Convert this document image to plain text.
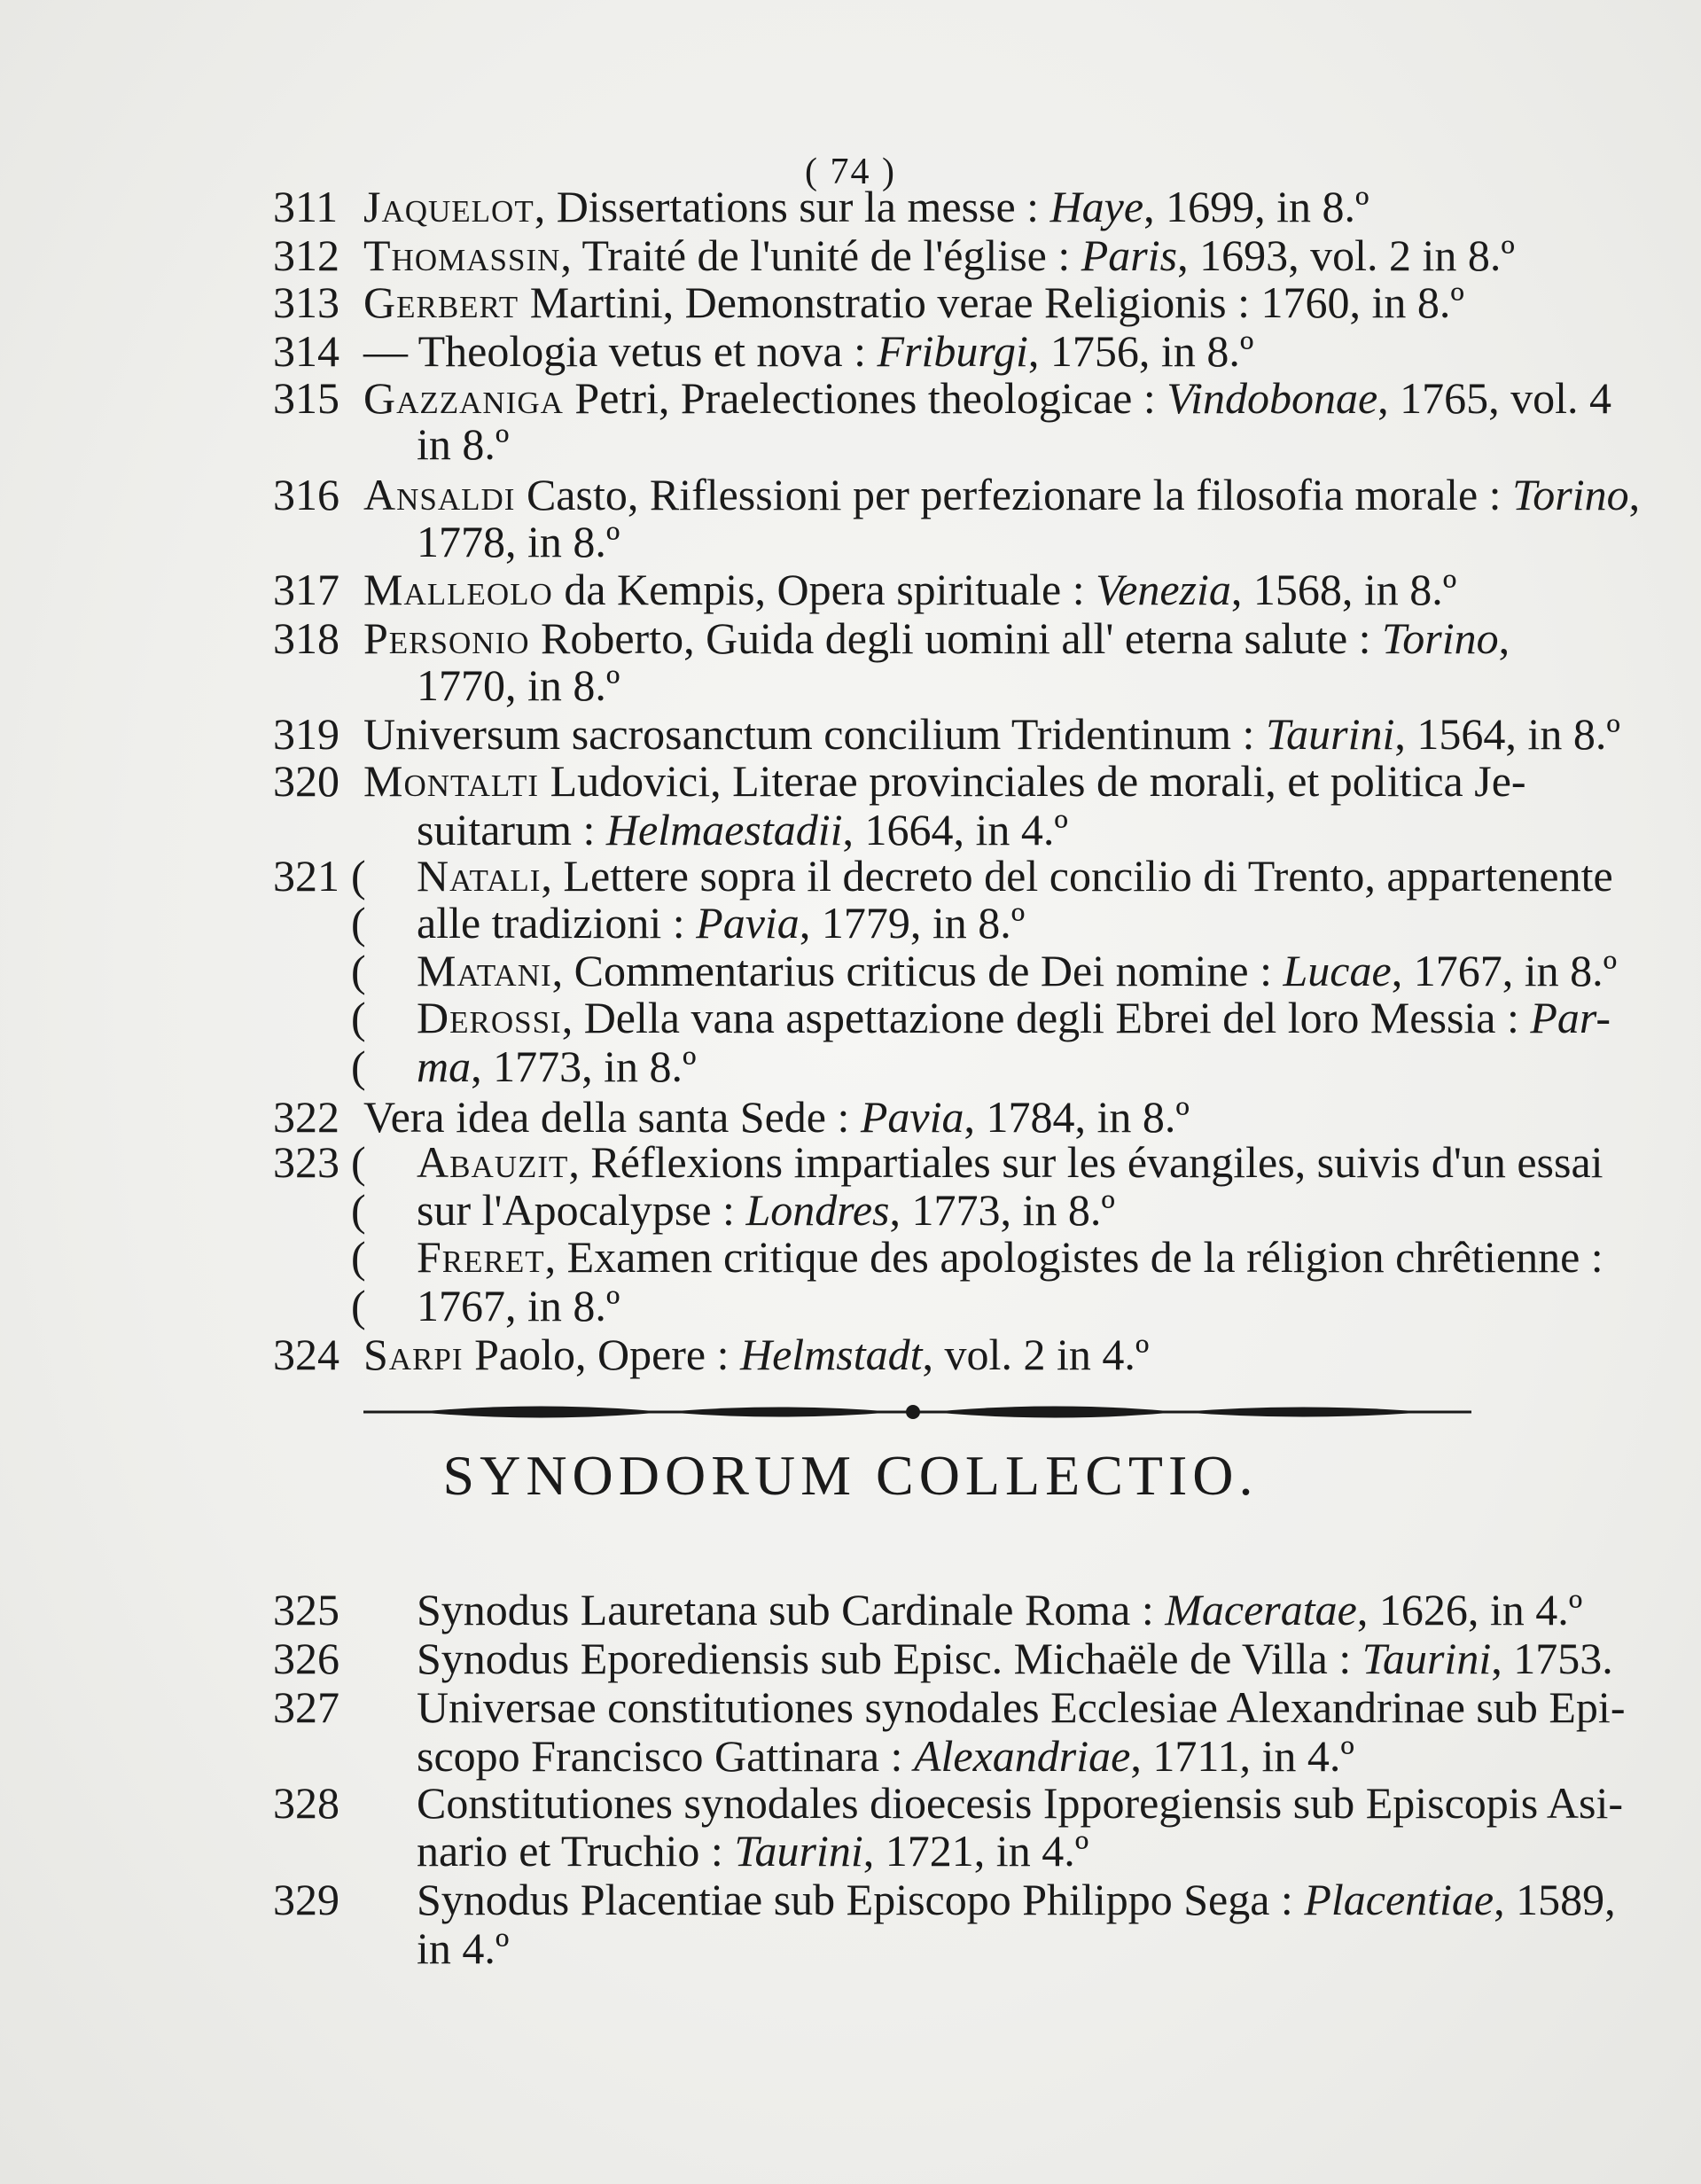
( 74 )
311 Jaquelot, Dissertations sur la messe : Haye, 1699, in 8.º
312 Thomassin, Traité de l'unité de l'église : Paris, 1693, vol. 2 in 8.º
313 Gerbert Martini, Demonstratio verae Religionis : 1760, in 8.º
314 — Theologia vetus et nova : Friburgi, 1756, in 8.º
315 Gazzaniga Petri, Praelectiones theologicae : Vindobonae, 1765, vol. 4
in 8.º
316 Ansaldi Casto, Riflessioni per perfezionare la filosofia morale : Torino,
1778, in 8.º
317 Malleolo da Kempis, Opera spirituale : Venezia, 1568, in 8.º
318 Personio Roberto, Guida degli uomini all' eterna salute : Torino,
1770, in 8.º
319 Universum sacrosanctum concilium Tridentinum : Taurini, 1564, in 8.º
320 Montalti Ludovici, Literae provinciales de morali, et politica Je-
suitarum : Helmaestadii, 1664, in 4.º
321 ( Natali, Lettere sopra il decreto del concilio di Trento, appartenente
( alle tradizioni : Pavia, 1779, in 8.º
( Matani, Commentarius criticus de Dei nomine : Lucae, 1767, in 8.º
( Derossi, Della vana aspettazione degli Ebrei del loro Messia : Par-
( ma, 1773, in 8.º
322 Vera idea della santa Sede : Pavia, 1784, in 8.º
323 ( Abauzit, Réflexions impartiales sur les évangiles, suivis d'un essai
( sur l'Apocalypse : Londres, 1773, in 8.º
( Freret, Examen critique des apologistes de la réligion chrêtienne :
( 1767, in 8.º
324 Sarpi Paolo, Opere : Helmstadt, vol. 2 in 4.º
SYNODORUM COLLECTIO.
325 Synodus Lauretana sub Cardinale Roma : Maceratae, 1626, in 4.º
326 Synodus Eporediensis sub Episc. Michaële de Villa : Taurini, 1753.
327 Universae constitutiones synodales Ecclesiae Alexandrinae sub Epi-
scopo Francisco Gattinara : Alexandriae, 1711, in 4.º
328 Constitutiones synodales dioecesis Ipporegiensis sub Episcopis Asi-
nario et Truchio : Taurini, 1721, in 4.º
329 Synodus Placentiae sub Episcopo Philippo Sega : Placentiae, 1589,
in 4.º
